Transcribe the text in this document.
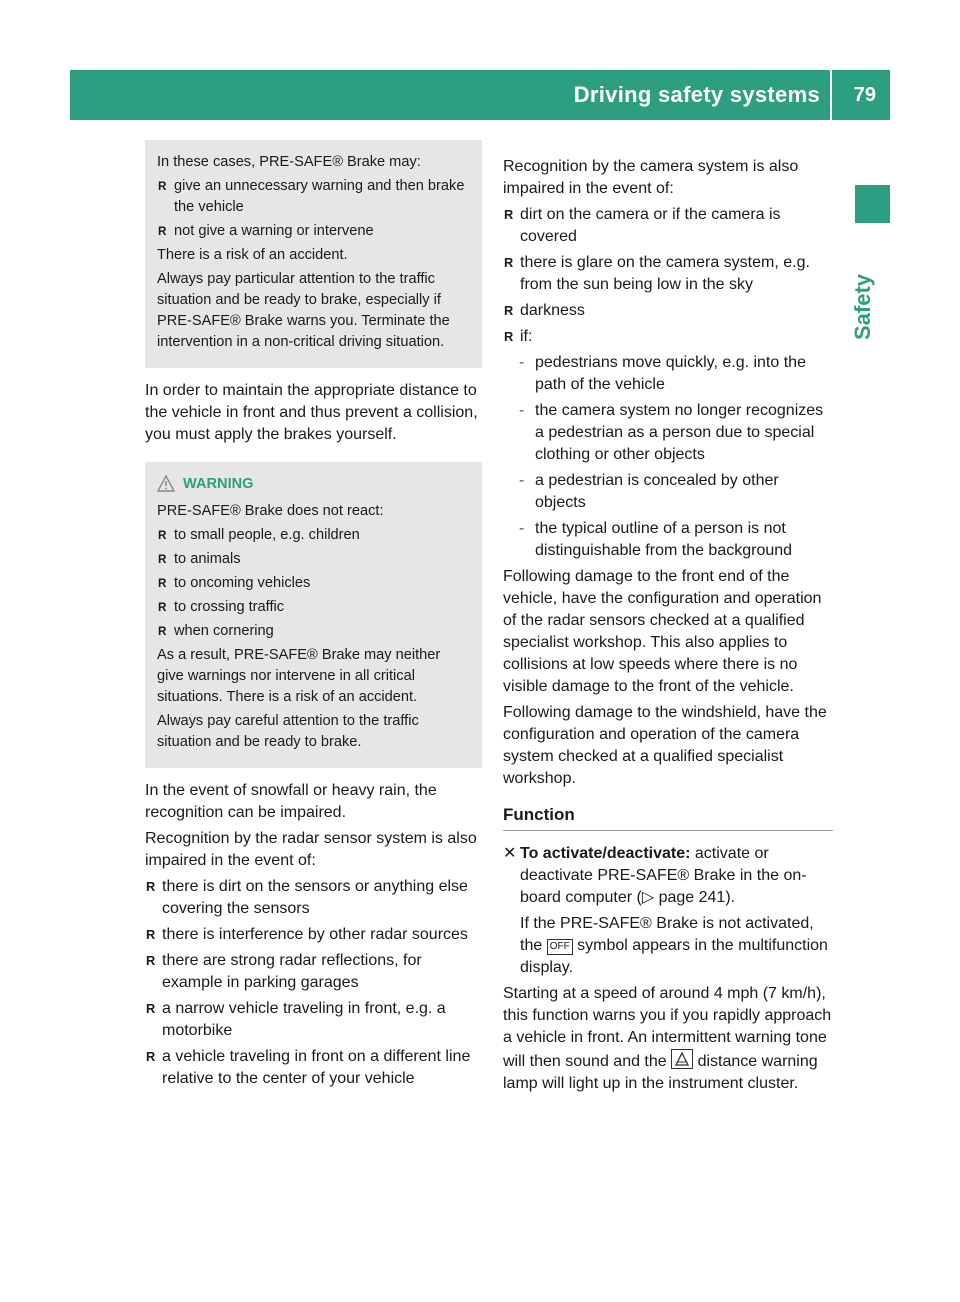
Driving safety systems 79
Safety

In these cases, PRE-SAFE® Brake may:

R give an unnecessary warning and then brake the vehicle
R not give a warning or intervene

There is a risk of an accident.

Always pay particular attention to the traffic situation and be ready to brake, especially if PRE-SAFE® Brake warns you. Terminate the intervention in a non-critical driving situation.

In order to maintain the appropriate distance to the vehicle in front and thus prevent a collision, you must apply the brakes yourself.

WARNING

PRE-SAFE® Brake does not react:

R to small people, e.g. children
R to animals
R to oncoming vehicles
R to crossing traffic
R when cornering

As a result, PRE-SAFE® Brake may neither give warnings nor intervene in all critical situations. There is a risk of an accident.

Always pay careful attention to the traffic situation and be ready to brake.

In the event of snowfall or heavy rain, the recognition can be impaired.

Recognition by the radar sensor system is also impaired in the event of:

R there is dirt on the sensors or anything else covering the sensors
R there is interference by other radar sources
R there are strong radar reflections, for example in parking garages
R a narrow vehicle traveling in front, e.g. a motorbike
R a vehicle traveling in front on a different line relative to the center of your vehicle

Recognition by the camera system is also impaired in the event of:

R dirt on the camera or if the camera is covered
R there is glare on the camera system, e.g. from the sun being low in the sky
R darkness
R if:
- pedestrians move quickly, e.g. into the path of the vehicle
- the camera system no longer recognizes a pedestrian as a person due to special clothing or other objects
- a pedestrian is concealed by other objects
- the typical outline of a person is not distinguishable from the background

Following damage to the front end of the vehicle, have the configuration and operation of the radar sensors checked at a qualified specialist workshop. This also applies to collisions at low speeds where there is no visible damage to the front of the vehicle.

Following damage to the windshield, have the configuration and operation of the camera system checked at a qualified specialist workshop.

Function
✕ To activate/deactivate: activate or deactivate PRE-SAFE® Brake in the on-board computer (▷ page 241).

If the PRE-SAFE® Brake is not activated, the OFF symbol appears in the multifunction display.

Starting at a speed of around 4 mph (7 km/h), this function warns you if you rapidly approach a vehicle in front. An intermittent warning tone will then sound and the distance warning lamp will light up in the instrument cluster.
